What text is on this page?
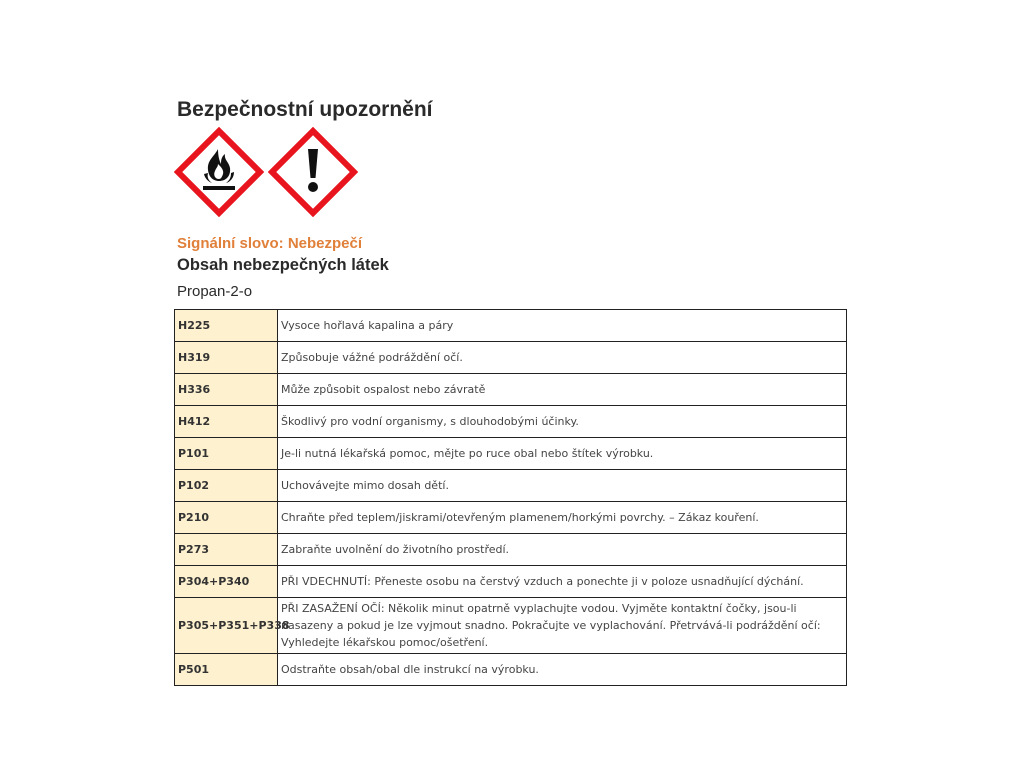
Bezpečnostní upozornění
Signální slovo: Nebezpečí
Obsah nebezpečných látek
Propan-2-o
H225	Vysoce hořlavá kapalina a páry
H319	Způsobuje vážné podráždění očí.
H336	Může způsobit ospalost nebo závratě
H412	Škodlivý pro vodní organismy, s dlouhodobými účinky.
P101	Je-li nutná lékařská pomoc, mějte po ruce obal nebo štítek výrobku.
P102	Uchovávejte mimo dosah dětí.
P210	Chraňte před teplem/jiskrami/otevřeným plamenem/horkými povrchy. – Zákaz kouření.
P273	Zabraňte uvolnění do životního prostředí.
P304+P340	PŘI VDECHNUTÍ: Přeneste osobu na čerstvý vzduch a ponechte ji v poloze usnadňující dýchání.
P305+P351+P338	PŘI ZASAŽENÍ OČÍ: Několik minut opatrně vyplachujte vodou. Vyjměte kontaktní čočky, jsou-li nasazeny a pokud je lze vyjmout snadno. Pokračujte ve vyplachování. Přetrvává-li podráždění očí: Vyhledejte lékařskou pomoc/ošetření.
P501	Odstraňte obsah/obal dle instrukcí na výrobku.
